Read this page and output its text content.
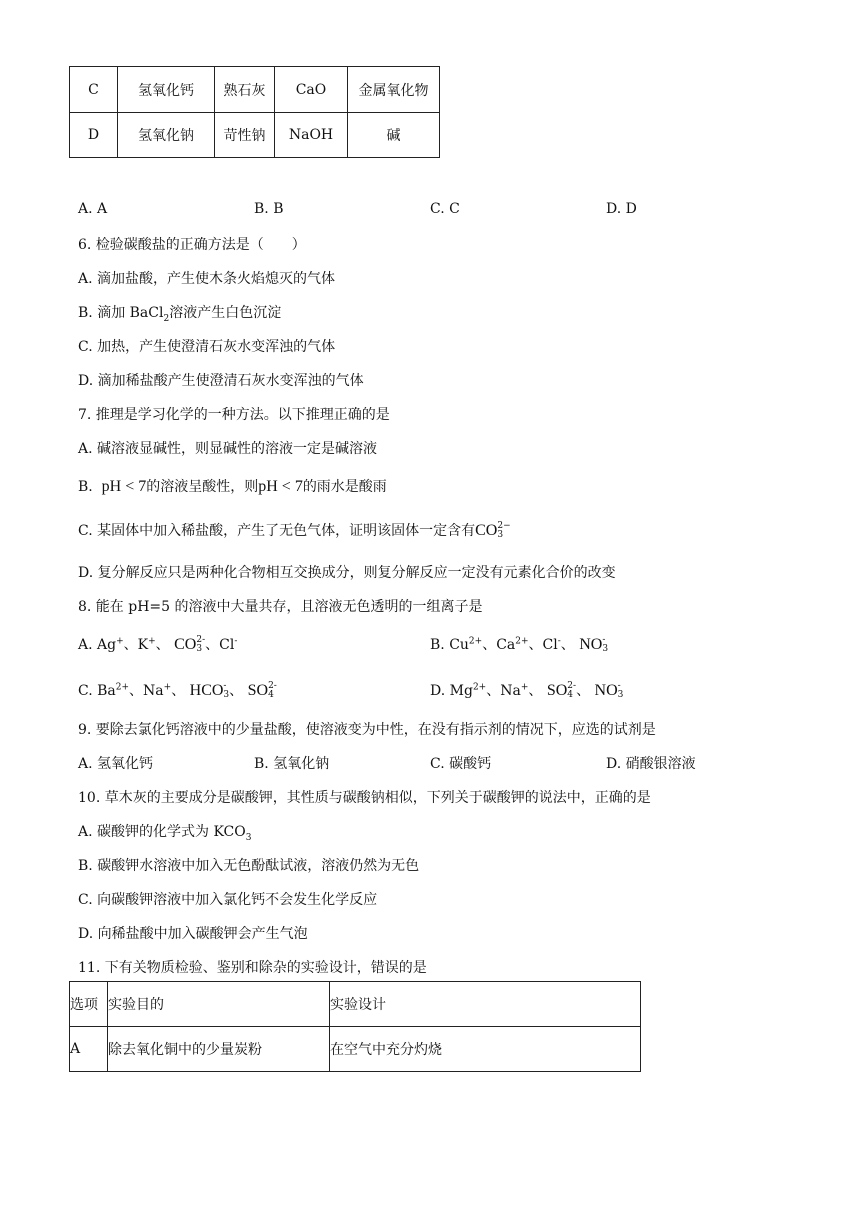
C	氢氧化钙	熟石灰	CaO	金属氧化物
D	氢氧化钠	苛性钠	NaOH	碱
A. A	B. B	C. C	D. D
6. 检验碳酸盐的正确方法是（　　）
A. 滴加盐酸，产生使木条火焰熄灭的气体
B. 滴加 BaCl$_2$溶液产生白色沉淀
C. 加热，产生使澄清石灰水变浑浊的气体
D. 滴加稀盐酸产生使澄清石灰水变浑浊的气体
7. 推理是学习化学的一种方法。以下推理正确的是
A. 碱溶液显碱性，则显碱性的溶液一定是碱溶液
B. pH < 7的溶液呈酸性，则pH < 7的雨水是酸雨
C. 某固体中加入稀盐酸，产生了无色气体，证明该固体一定含有CO 2−
3
D. 复分解反应只是两种化合物相互交换成分，则复分解反应一定没有元素化合价的改变
8. 能在 pH=5 的溶液中大量共存，且溶液无色透明的一组离子是
A. Ag+、K+、 CO 2-
3 、Cl-	B. $Cu^{2+}$、$Ca^{2+}$、Cl-、 NO -
3
C. $Ba^{2+}$、Na+、 HCO -
3 、 SO 2-
4	D. $Mg^{2+}$、Na+、 SO 2-
4 、 NO -
3
9. 要除去氯化钙溶液中的少量盐酸，使溶液变为中性，在没有指示剂的情况下，应选的试剂是
A. 氢氧化钙	B. 氢氧化钠	C. 碳酸钙	D. 硝酸银溶液
10. 草木灰的主要成分是碳酸钾，其性质与碳酸钠相似，下列关于碳酸钾的说法中，正确的是
A. 碳酸钾的化学式为 $KCO_3$
B. 碳酸钾水溶液中加入无色酚酞试液，溶液仍然为无色
C. 向碳酸钾溶液中加入氯化钙不会发生化学反应
D. 向稀盐酸中加入碳酸钾会产生气泡
11. 下有关物质检验、鉴别和除杂的实验设计，错误的是
选项	实验目的	实验设计
A	除去氧化铜中的少量炭粉	在空气中充分灼烧
